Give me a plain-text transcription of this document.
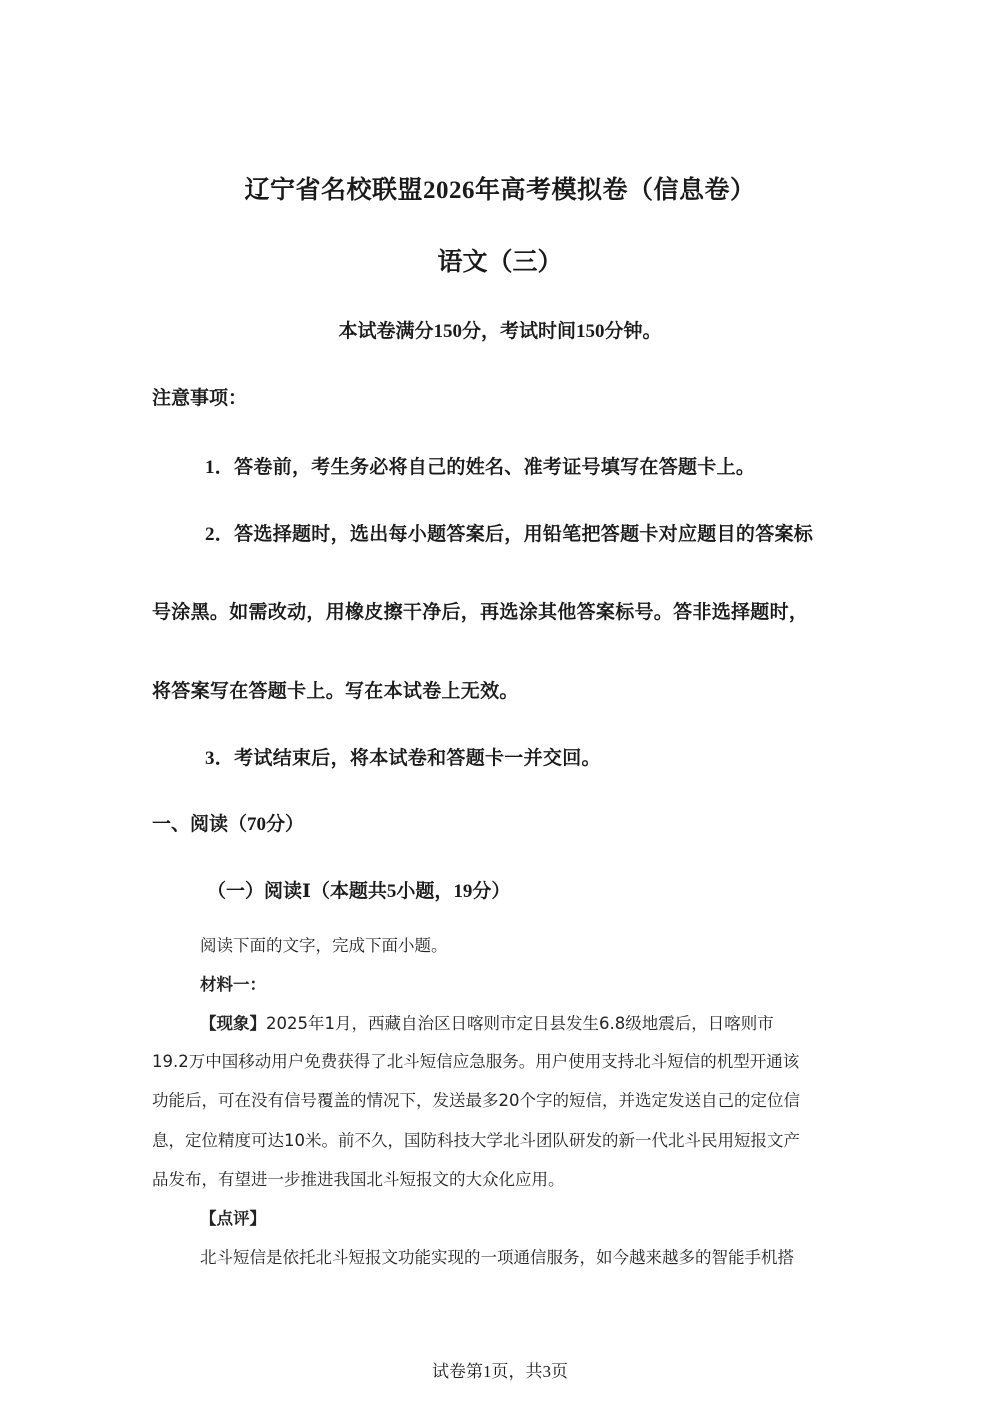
辽宁省名校联盟2026年高考模拟卷（信息卷）
语文（三）

本试卷满分150分，考试时间150分钟。

注意事项：

1．答卷前，考生务必将自己的姓名、准考证号填写在答题卡上。

2．答选择题时，选出每小题答案后，用铅笔把答题卡对应题目的答案标

号涂黑。如需改动，用橡皮擦干净后，再选涂其他答案标号。答非选择题时，

将答案写在答题卡上。写在本试卷上无效。

3．考试结束后，将本试卷和答题卡一并交回。

一、阅读（70分）

（一）阅读Ⅰ（本题共5小题，19分）

阅读下面的文字，完成下面小题。

材料一：

【现象】2025年1月，西藏自治区日喀则市定日县发生6.8级地震后，日喀则市

19.2万中国移动用户免费获得了北斗短信应急服务。用户使用支持北斗短信的机型开通该

功能后，可在没有信号覆盖的情况下，发送最多20个字的短信，并选定发送自己的定位信

息，定位精度可达10米。前不久，国防科技大学北斗团队研发的新一代北斗民用短报文产

品发布，有望进一步推进我国北斗短报文的大众化应用。

【点评】

北斗短信是依托北斗短报文功能实现的一项通信服务，如今越来越多的智能手机搭

试卷第1页，共3页
